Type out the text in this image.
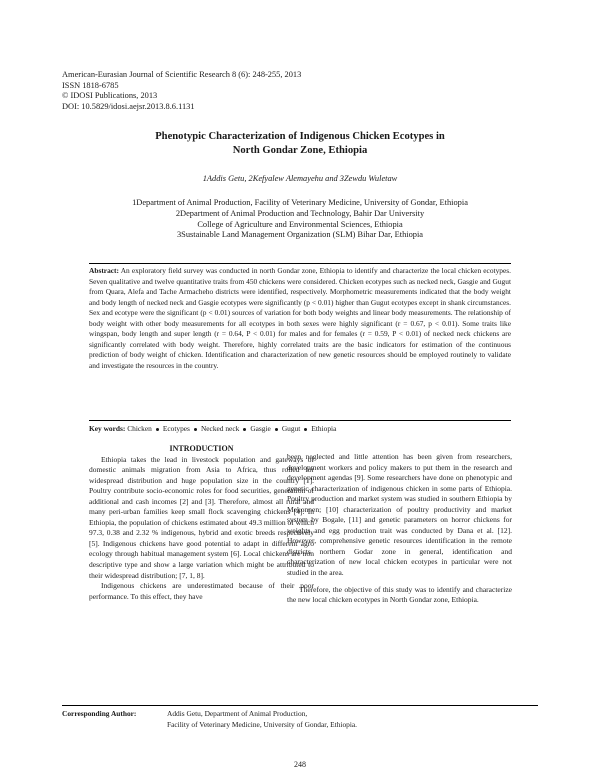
American-Eurasian Journal of Scientific Research 8 (6): 248-255, 2013
ISSN 1818-6785
© IDOSI Publications, 2013
DOI: 10.5829/idosi.aejsr.2013.8.6.1131
Phenotypic Characterization of Indigenous Chicken Ecotypes in
North Gondar Zone, Ethiopia
1Addis Getu, 2Kefyalew Alemayehu and 3Zewdu Wuletaw
1Department of Animal Production, Facility of Veterinary Medicine, University of Gondar, Ethiopia
2Department of Animal Production and Technology, Bahir Dar University
College of Agriculture and Environmental Sciences, Ethiopia
3Sustainable Land Management Organization (SLM) Bihar Dar, Ethiopia
Abstract: An exploratory field survey was conducted in north Gondar zone, Ethiopia to identify and characterize the local chicken ecotypes. Seven qualitative and twelve quantitative traits from 450 chickens were considered. Chicken ecotypes such as necked neck, Gasgie and Gugut from Quara, Alefa and Tache Armacheho districts were identified, respectively. Morphometric measurements indicated that the body weight and body length of necked neck and Gasgie ecotypes were significantly (p < 0.01) higher than Gugut ecotypes except in shank circumstances. Sex and ecotype were the significant (p < 0.01) sources of variation for both body weights and linear body measurements. The relationship of body weight with other body measurements for all ecotypes in both sexes were highly significant (r = 0.67, p < 0.01). Some traits like wingspan, body length and super length (r = 0.64, P < 0.01) for males and for females (r = 0.59, P < 0.01) of necked neck chickens are significantly correlated with body weight. Therefore, highly correlated traits are the basic indicators for estimation of the continuous prediction of body weight of chicken. Identification and characterization of new genetic resources should be employed routinely to validate and investigate the resources in the country.
Key words: Chicken Ecotypes Necked neck Gasgie Gugut Ethiopia

INTRODUCTION

Ethiopia takes the lead in livestock population and gateways of domestic animals migration from Asia to Africa, thus rolled for widespread distribution and huge population size in the country [1]. Poultry contribute socio-economic roles for food securities, generation of additional and cash incomes [2] and [3]. Therefore, almost all rural and many peri-urban families keep small flock scavenging chickens [4]. In Ethiopia, the population of chickens estimated about 49.3 million of which 97.3, 0.38 and 2.32 % indigenous, hybrid and exotic breeds respectively [5]. Indigenous chickens have good potential to adapt in different agro ecology through habitual management system [6]. Local chickens are non descriptive type and show a large variation which might be attributed to their widespread distribution; [7, 1, 8].

Indigenous chickens are underestimated because of their poor performance. To this effect, they have

been neglected and little attention has been given from researchers, development workers and policy makers to put them in the research and development agendas [9]. Some researchers have done on phenotypic and genetic characterization of indigenous chicken in some parts of Ethiopia. Poultry production and market system was studied in southern Ethiopia by Mekonnen; [10] characterization of poultry productivity and market system by Bogale, [11] and genetic parameters on horror chickens for weights and egg production trait was conducted by Dana et al. [12]. However, comprehensive genetic resources identification in the remote districts northern Godar zone in general, identification and characterization of new local chicken ecotypes in particular were not studied in the area.

Therefore, the objective of this study was to identify and characterize the new local chicken ecotypes in North Gondar zone, Ethiopia.

Corresponding Author:	Addis Getu, Department of Animal Production,
Facility of Veterinary Medicine, University of Gondar, Ethiopia.
248
